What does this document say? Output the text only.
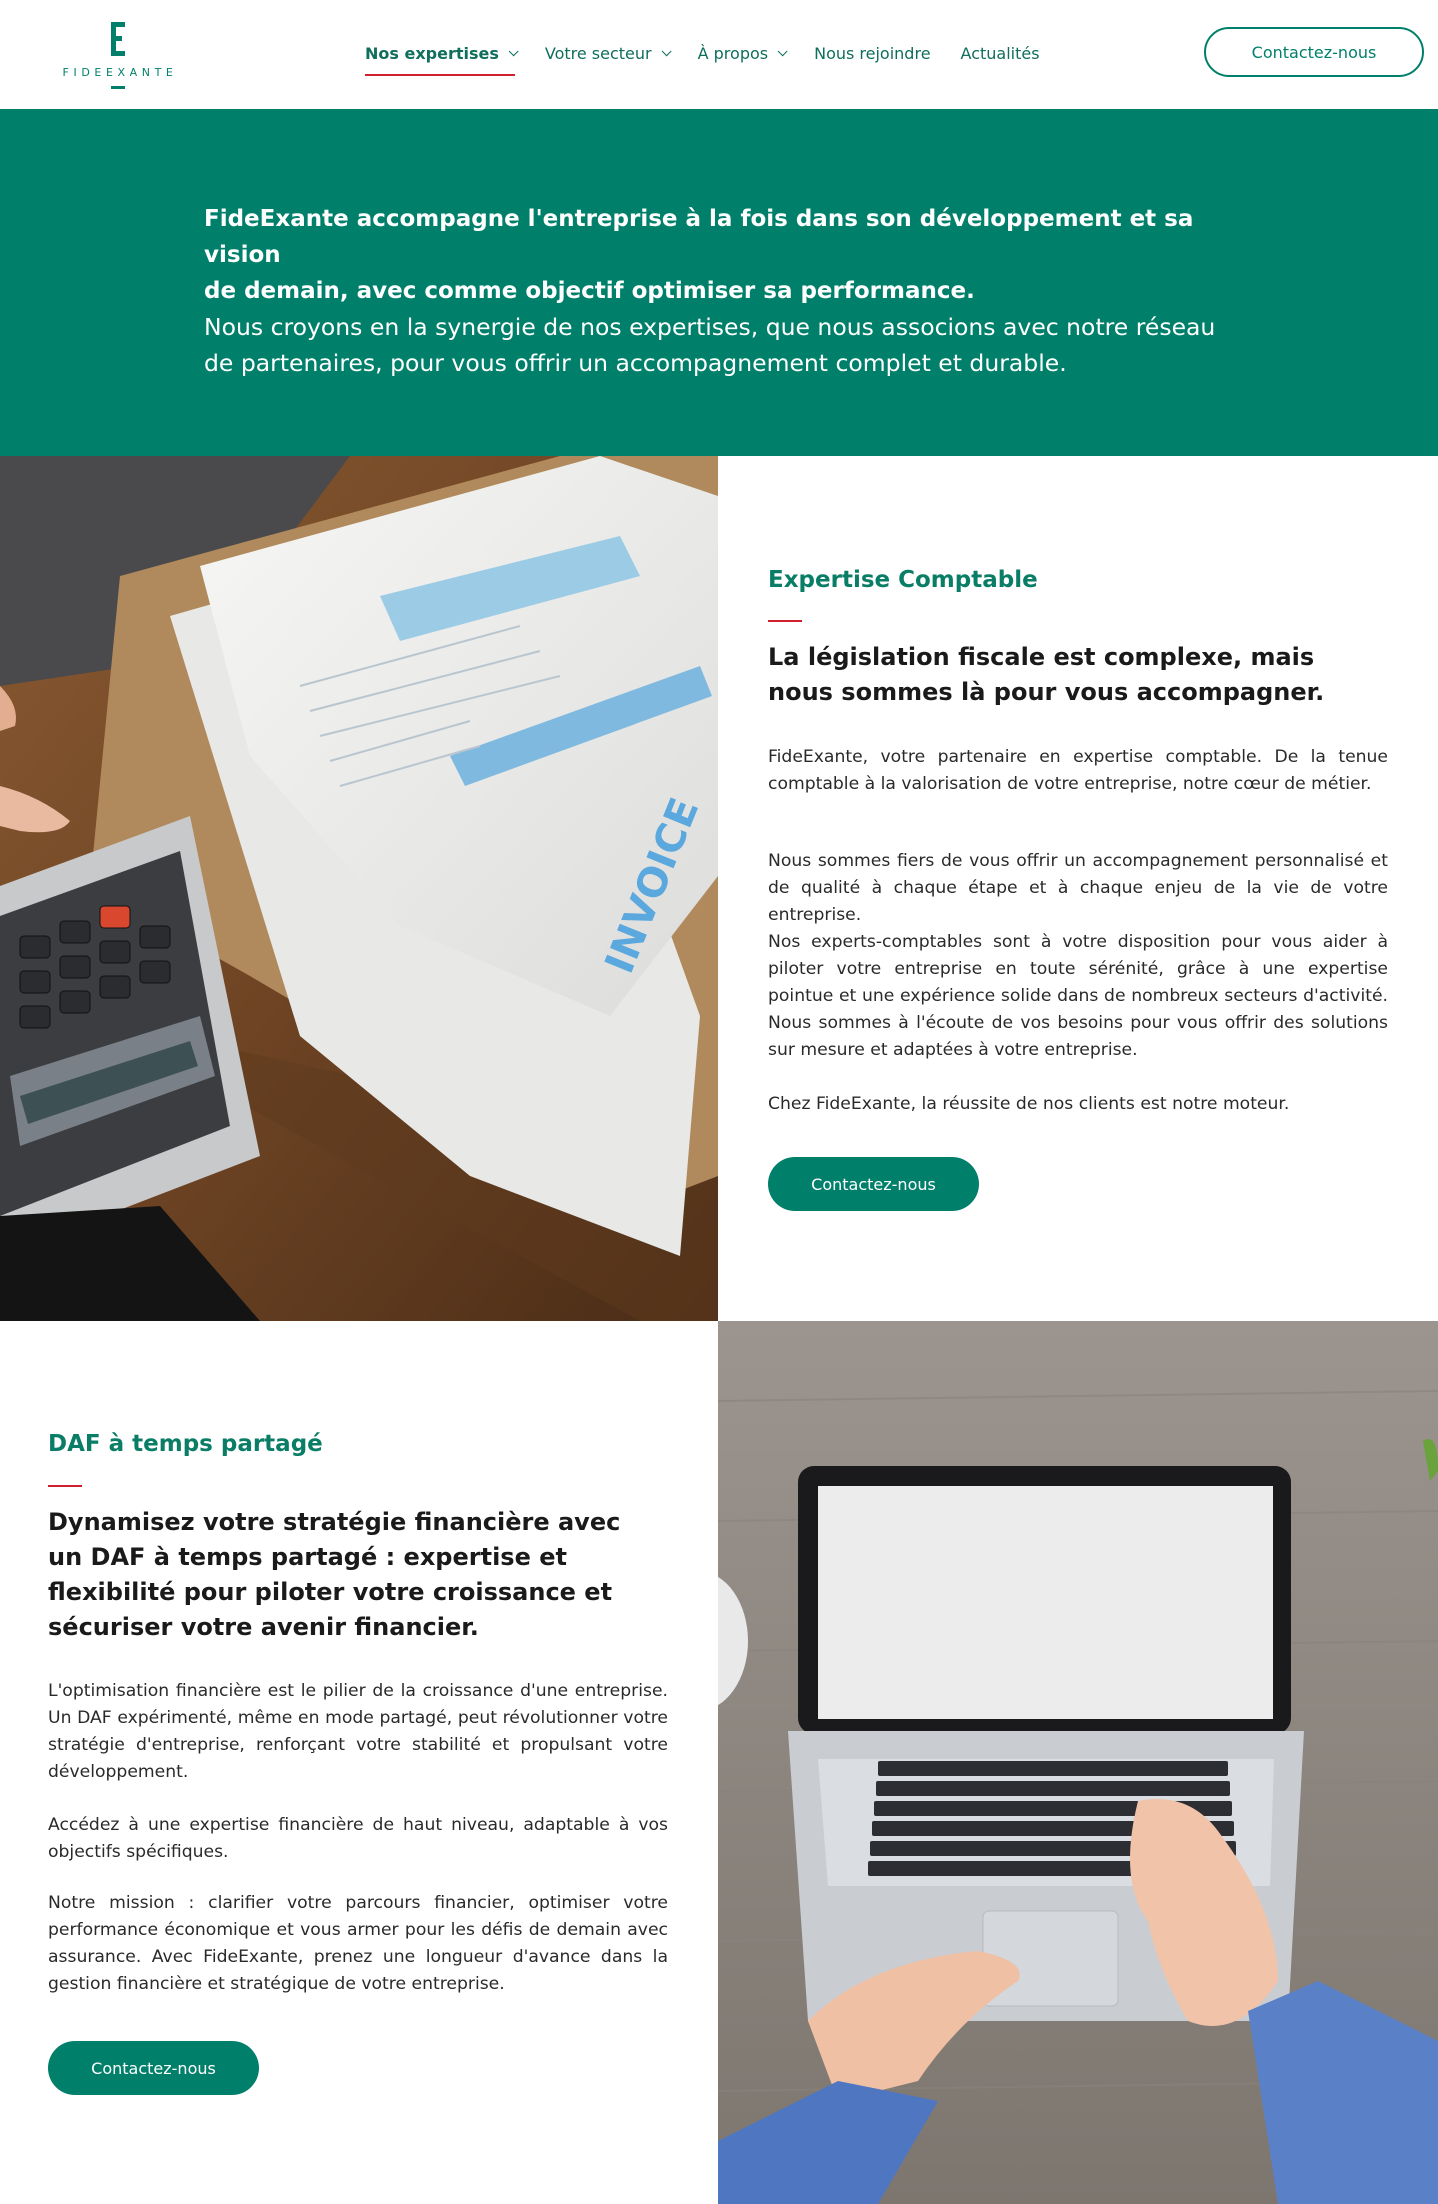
FIDEEXANTE
Nos expertises	Votre secteur	À propos	Nous rejoindre Actualités	Contactez-nous
FideExante accompagne l'entreprise à la fois dans son développement et sa vision
de demain, avec comme objectif optimiser sa performance.
Nous croyons en la synergie de nos expertises, que nous associons avec notre réseau
de partenaires, pour vous offrir un accompagnement complet et durable.
INVOICE
Expertise Comptable
La législation fiscale est complexe, mais nous sommes là pour vous accompagner.

FideExante, votre partenaire en expertise comptable. De la tenue comptable à la valorisation de votre entreprise, notre cœur de métier.

Nous sommes fiers de vous offrir un accompagnement personnalisé et de qualité à chaque étape et à chaque enjeu de la vie de votre entreprise.

Nos experts-comptables sont à votre disposition pour vous aider à piloter votre entreprise en toute sérénité, grâce à une expertise pointue et une expérience solide dans de nombreux secteurs d'activité. Nous sommes à l'écoute de vos besoins pour vous offrir des solutions sur mesure et adaptées à votre entreprise.

Chez FideExante, la réussite de nos clients est notre moteur.

Contactez-nous
DAF à temps partagé
Dynamisez votre stratégie financière avec un DAF à temps partagé : expertise et flexibilité pour piloter votre croissance et sécuriser votre avenir financier.

L'optimisation financière est le pilier de la croissance d'une entreprise. Un DAF expérimenté, même en mode partagé, peut révolutionner votre stratégie d'entreprise, renforçant votre stabilité et propulsant votre développement.

Accédez à une expertise financière de haut niveau, adaptable à vos objectifs spécifiques.

Notre mission : clarifier votre parcours financier, optimiser votre performance économique et vous armer pour les défis de demain avec assurance. Avec FideExante, prenez une longueur d'avance dans la gestion financière et stratégique de votre entreprise.

Contactez-nous
